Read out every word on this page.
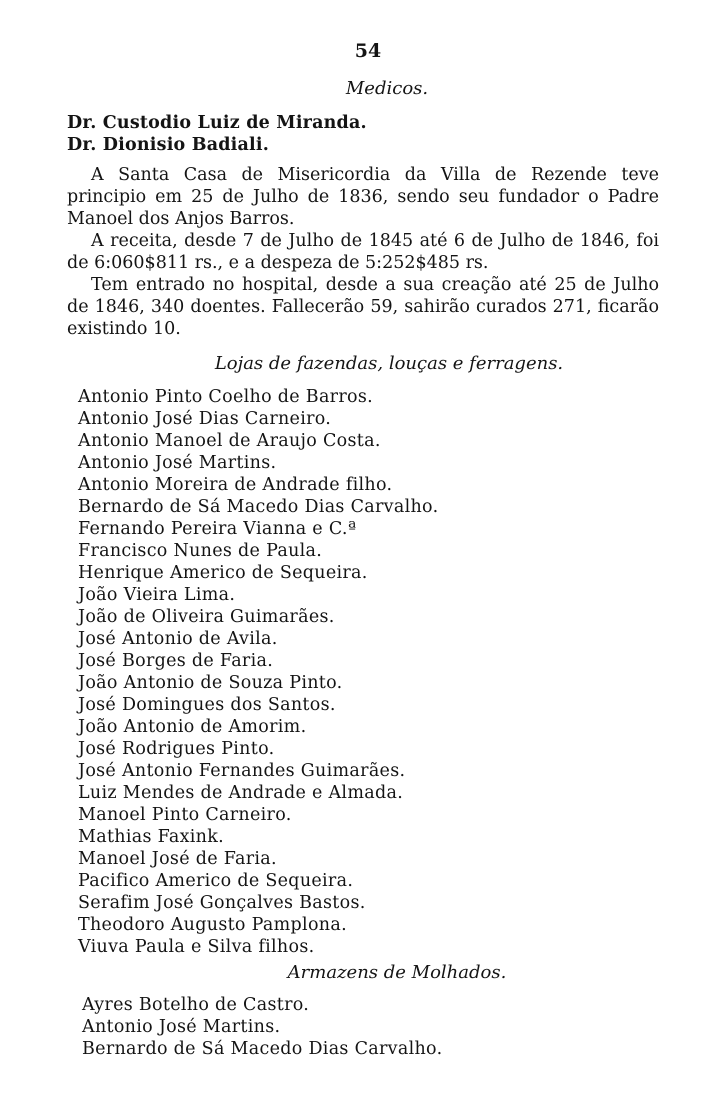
54
Medicos.
Dr. Custodio Luiz de Miranda.
Dr. Dionisio Badiali.
A Santa Casa de Misericordia da Villa de Rezende teve principio em 25 de Julho de 1836, sendo seu fundador o Padre Manoel dos Anjos Barros.
A receita, desde 7 de Julho de 1845 até 6 de Julho de 1846, foi de 6:060$811 rs., e a despeza de 5:252$485 rs.
Tem entrado no hospital, desde a sua creação até 25 de Julho de 1846, 340 doentes. Fallecerão 59, sahirão curados 271, ficarão existindo 10.
Lojas de fazendas, louças e ferragens.
Antonio Pinto Coelho de Barros.
Antonio José Dias Carneiro.
Antonio Manoel de Araujo Costa.
Antonio José Martins.
Antonio Moreira de Andrade filho.
Bernardo de Sá Macedo Dias Carvalho.
Fernando Pereira Vianna e C.ª
Francisco Nunes de Paula.
Henrique Americo de Sequeira.
João Vieira Lima.
João de Oliveira Guimarães.
José Antonio de Avila.
José Borges de Faria.
João Antonio de Souza Pinto.
José Domingues dos Santos.
João Antonio de Amorim.
José Rodrigues Pinto.
José Antonio Fernandes Guimarães.
Luiz Mendes de Andrade e Almada.
Manoel Pinto Carneiro.
Mathias Faxink.
Manoel José de Faria.
Pacifico Americo de Sequeira.
Serafim José Gonçalves Bastos.
Theodoro Augusto Pamplona.
Viuva Paula e Silva filhos.
Armazens de Molhados.
Ayres Botelho de Castro.
Antonio José Martins.
Bernardo de Sá Macedo Dias Carvalho.
